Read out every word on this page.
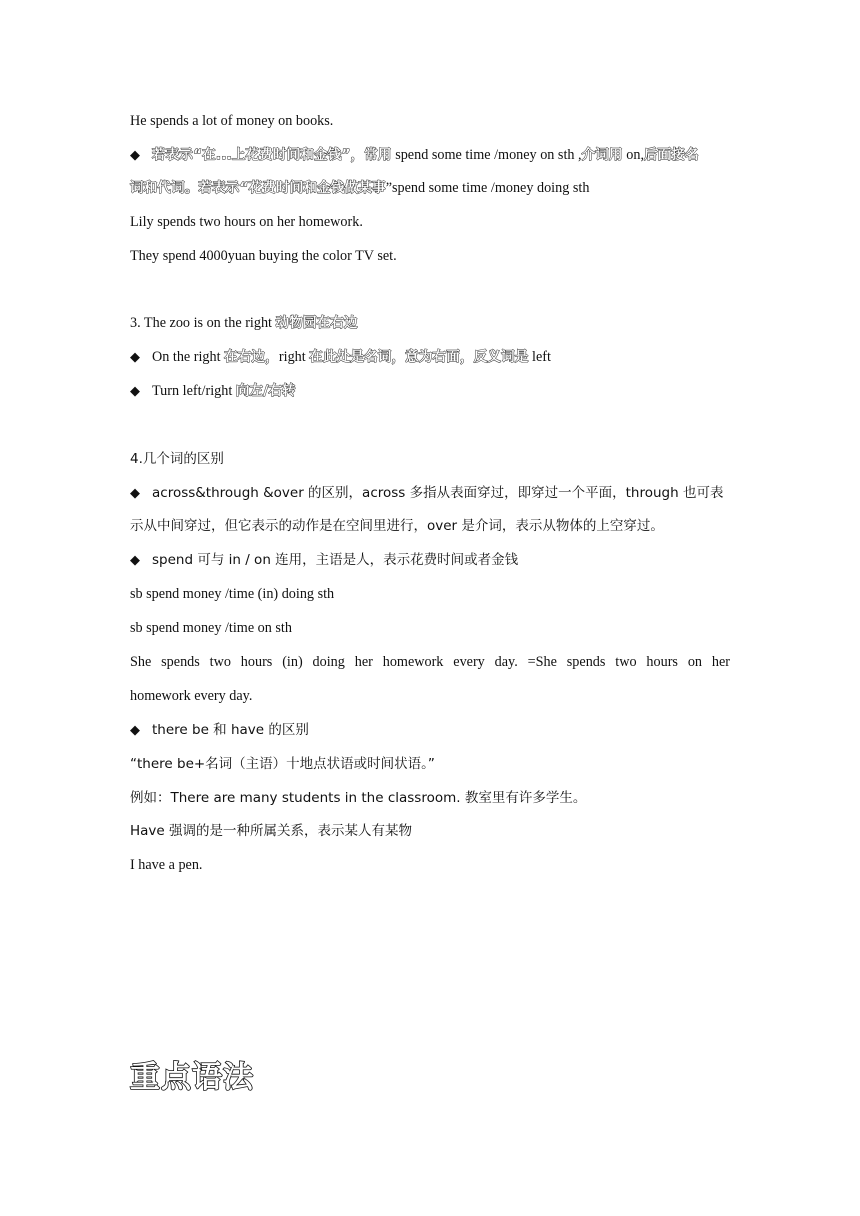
He spends a lot of money on books.
◆ 若表示“在...上花费时间和金钱”，常用 spend some time /money on sth ,介词用 on,后面接名
词和代词。若表示“花费时间和金钱做某事”spend some time /money doing sth
Lily spends two hours on her homework.
They spend 4000yuan buying the color TV set.
3. The zoo is on the right 动物园在右边
◆ On the right 在右边，right 在此处是名词，意为右面，反义词是 left
◆ Turn left/right 向左/右转
4.几个词的区别
◆ across&through &over 的区别，across 多指从表面穿过，即穿过一个平面，through 也可表
示从中间穿过，但它表示的动作是在空间里进行，over 是介词，表示从物体的上空穿过。
◆ spend 可与 in / on 连用，主语是人，表示花费时间或者金钱
sb spend money /time (in) doing sth
sb spend money /time on sth
She spends two hours (in) doing her homework every day. =She spends two hours on her
homework every day.
◆ there be 和 have 的区别
“there be+名词（主语）十地点状语或时间状语。”
例如：There are many students in the classroom. 教室里有许多学生。
Have 强调的是一种所属关系，表示某人有某物
I have a pen.
重点语法
